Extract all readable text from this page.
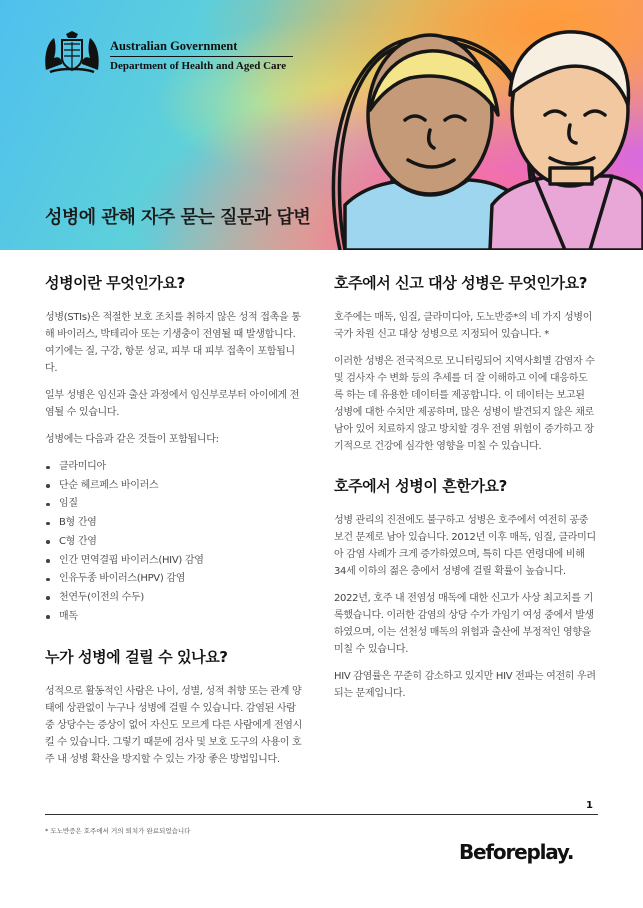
Australian Government
Department of Health and Aged Care
성병에 관해 자주 묻는 질문과 답변
성병이란 무엇인가요?

성병(STIs)은 적절한 보호 조치를 취하지 않은 성적 접촉을 통해 바이러스, 박테리아 또는 기생충이 전염될 때 발생합니다. 여기에는 질, 구강, 항문 성교, 피부 대 피부 접촉이 포함됩니다.

일부 성병은 임신과 출산 과정에서 임신부로부터 아이에게 전염될 수 있습니다.

성병에는 다음과 같은 것들이 포함됩니다:

클라미디아
단순 헤르페스 바이러스
임질
B형 간염
C형 간염
인간 면역결핍 바이러스(HIV) 감염
인유두종 바이러스(HPV) 감염
천연두(이전의 수두)
매독
누가 성병에 걸릴 수 있나요?

성적으로 활동적인 사람은 나이, 성별, 성적 취향 또는 관계 양태에 상관없이 누구나 성병에 걸릴 수 있습니다. 감염된 사람 중 상당수는 증상이 없어 자신도 모르게 다른 사람에게 전염시킬 수 있습니다. 그렇기 때문에 검사 및 보호 도구의 사용이 호주 내 성병 확산을 방지할 수 있는 가장 좋은 방법입니다.

호주에서 신고 대상 성병은 무엇인가요?

호주에는 매독, 임질, 클라미디아, 도노반증*의 네 가지 성병이 국가 차원 신고 대상 성병으로 지정되어 있습니다. *

이러한 성병은 전국적으로 모니터링되어 지역사회별 감염자 수 및 검사자 수 변화 등의 추세를 더 잘 이해하고 이에 대응하도록 하는 데 유용한 데이터를 제공합니다. 이 데이터는 보고된 성병에 대한 수치만 제공하며, 많은 성병이 발견되지 않은 채로 남아 있어 치료하지 않고 방치할 경우 전염 위험이 증가하고 장기적으로 건강에 심각한 영향을 미칠 수 있습니다.

호주에서 성병이 흔한가요?

성병 관리의 진전에도 불구하고 성병은 호주에서 여전히 공중 보건 문제로 남아 있습니다. 2012년 이후 매독, 임질, 클라미디아 감염 사례가 크게 증가하였으며, 특히 다른 연령대에 비해 34세 이하의 젊은 층에서 성병에 걸릴 확률이 높습니다.

2022년, 호주 내 전염성 매독에 대한 신고가 사상 최고치를 기록했습니다. 이러한 감염의 상당 수가 가임기 여성 중에서 발생하였으며, 이는 선천성 매독의 위험과 출산에 부정적인 영향을 미칠 수 있습니다.

HIV 감염률은 꾸준히 감소하고 있지만 HIV 전파는 여전히 우려되는 문제입니다.

1
* 도노반증은 호주에서 거의 퇴치가 완료되었습니다
Beforeplay.
